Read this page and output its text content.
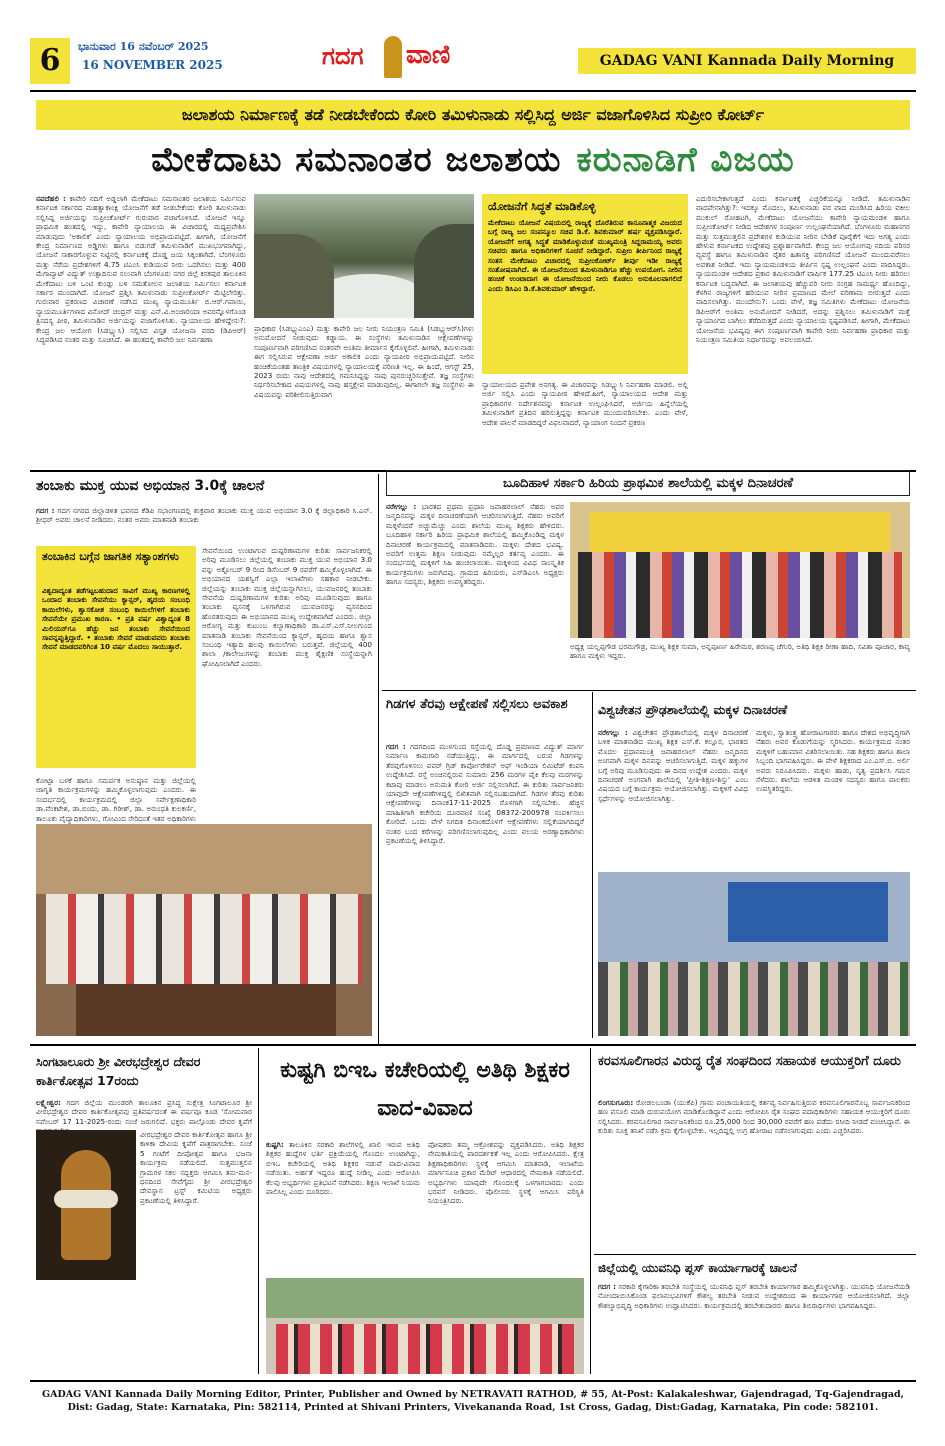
6	ಭಾನುವಾರ 16 ನವೆಂಬರ್ 2025
16 NOVEMBER 2025	ಗದಗ ವಾಣಿ	GADAG VANI Kannada Daily Morning
ಜಲಾಶಯ ನಿರ್ಮಾಣಕ್ಕೆ ತಡೆ ನೀಡಬೇಕೆಂದು ಕೋರಿ ತಮಿಳುನಾಡು ಸಲ್ಲಿಸಿದ್ದ ಅರ್ಜಿ ವಜಾಗೊಳಿಸಿದ ಸುಪ್ರೀಂ ಕೋರ್ಟ್
ಮೇಕೆದಾಟು ಸಮನಾಂತರ ಜಲಾಶಯ ಕರುನಾಡಿಗೆ ವಿಜಯ
ನವದೆಹಲಿ : ಕಾವೇರಿ ನದಿಗೆ ಅಡ್ಡಲಾಗಿ ಮೇಕೆದಾಟು ಸಮನಾಂತರ ಜಲಾಶಯ ನಿರ್ಮಿಸುವ ಕರ್ನಾಟಕ ಸರ್ಕಾರದ ಮಹತ್ವಾಕಾಂಕ್ಷಿ ಯೋಜನೆಗೆ ತಡೆ ನೀಡಬೇಕೆಂದು ಕೋರಿ ತಮಿಳುನಾಡು ಸಲ್ಲಿಸಿದ್ದ ಅರ್ಜಿಯನ್ನು ಸುಪ್ರೀಂಕೋರ್ಟ್ ಗುರುವಾರ ವಜಾಗೊಳಿಸಿದೆ. ಯೋಜನೆ ಇನ್ನೂ ಪ್ರಾಥಮಿಕ ಹಂತದಲ್ಲಿ ಇದ್ದು, ಕಾವೇರಿ ನ್ಯಾಯಾಲಯ ಈ ವಿಚಾರದಲ್ಲಿ ಮಧ್ಯಪ್ರವೇಶಿಸಿ ಮಾಡುವುದು 'ಅಕಾಲಿಕ' ಎಂದು ನ್ಯಾಯಾಲಯ ಅಭಿಪ್ರಾಯಪಟ್ಟಿದೆ. ಹೀಗಾಗಿ, ಯೋಜನೆಗೆ ಕೇಂದ್ರ ನಿರ್ಮಾಣದ ಅಡ್ಡಿಗಳು ಹಾಗೂ ಬಿಡುಗಡೆ ತಮಿಳುನಾಡಿಗೆ ಮುಖಭಂಗವಾಗಿದ್ದು, ಯೋಜನೆ ಸಾಕಾರಗೊಳ್ಳುವ ನಿಟ್ಟಿನಲ್ಲಿ ಕರ್ನಾಟಕಕ್ಕೆ ದೊಡ್ಡ ಜಯ ಸಿಕ್ಕಂತಾಗಿದೆ. ಬೆಂಗಳೂರು ಮತ್ತು ನೆರೆಯ ಪ್ರದೇಶಗಳಿಗೆ 4.75 ಟಿಎಂಸಿ ಕುಡಿಯುವ ನೀರು ಒದಗಿಸಲು ಮತ್ತು 400 ಮೆಗಾವ್ಯಾಟ್ ವಿದ್ಯುತ್ ಉತ್ಪಾದಿಸುವ ಸಲುವಾಗಿ ಬೆಂಗಳೂರು ನಗರ ಜಿಲ್ಲೆ ಕನಕಪುರ ತಾಲೂಕಿನ ಮೇಕೆದಾಟು ಬಳಿ ಒಂಟಿ ಕುಂಡ್ಲು ಬಳಿ ಸಮತೋಲನ ಜಲಾಶಯ ನಿರ್ಮಿಸಲು ಕರ್ನಾಟಕ ಸರ್ಕಾರ ಮುಂದಾಗಿದೆ. ಯೋಜನೆ ಪ್ರಶ್ನಿಸಿ ತಮಿಳುನಾಡು ಸುಪ್ರೀಂಕೋರ್ಟ್ ಮೆಟ್ಟಿಲೇರಿತ್ತು. ಗುರುವಾರ ಪ್ರಕರಣದ ವಿಚಾರಣೆ ನಡೆಸಿದ ಮುಖ್ಯ ನ್ಯಾಯಮೂರ್ತಿ ಬಿ.ಆರ್.ಗವಾಯಿ, ನ್ಯಾಯಮೂರ್ತಿಗಳಾದ ವಿನೋದ್ ಚಂದ್ರನ್ ಮತ್ತು ಎನ್.ವಿ.ಅಂಜಾರಿಯಾ ಅವರನ್ನೊಳಗೊಂಡ ತ್ರಿಸದಸ್ಯ ಪೀಠ, ತಮಿಳುನಾಡಿನ ಅರ್ಜಿಯನ್ನು ವಜಾಗೊಳಿಸಿತು. ನ್ಯಾಯಾಲಯ ಹೇಳಿದ್ದೇನು?: ಕೇಂದ್ರ ಜಲ ಆಯೋಗ (ಸಿಡಬ್ಲ್ಯುಸಿ) ಸಲ್ಲಿಸಿದ ವಿಸ್ತೃತ ಯೋಜನಾ ವರದಿ (ಡಿಪಿಆರ್) ಸಿದ್ಧಪಡಿಸಿದ ನಂತರ ಮತ್ತು ಸೂಚಿಸಿದೆ. ಈ ಹಂತದಲ್ಲಿ ಕಾವೇರಿ ಜಲ ನಿರ್ವಹಣಾ
ಪ್ರಾಧಿಕಾರ (ಸಿಡಬ್ಲ್ಯುಎಂಎ) ಮತ್ತು ಕಾವೇರಿ ಜಲ ನೀರು ನಿಯಂತ್ರಣ ಸಮಿತಿ (ಸಿಡಬ್ಲ್ಯುಆರ್‌ಸಿ)ಗಳು ಅನುಮೋದನೆ ನೀಡುವುದು ಕಡ್ಡಾಯ. ಈ ಸಂಸ್ಥೆಗಳು ತಮಿಳುನಾಡಿನ ಆಕ್ಷೇಪಣೆಗಳನ್ನು ಸಂಪೂರ್ಣವಾಗಿ ಪರಿಗಣಿಸಿದ ನಂತರವೇ ಅಂತಿಮ ತೀರ್ಮಾನ ಕೈಗೊಳ್ಳಲಿವೆ. ಹೀಗಾಗಿ, ತಮಿಳುನಾಡು ಈಗ ಸಲ್ಲಿಸಿರುವ ಆಕ್ಷೇಪಣಾ ಅರ್ಜಿ ಅಕಾಲಿಕ ಎಂದು ನ್ಯಾಯಪೀಠ ಅಭಿಪ್ರಾಯಪಟ್ಟಿದೆ. ನೀರಿನ ಹಂಚಿಕೆಯಂತಹ ತಾಂತ್ರಿಕ ವಿಷಯಗಳಲ್ಲಿ ನ್ಯಾಯಾಲಯಕ್ಕೆ ಪರಿಣತಿ ಇಲ್ಲ. ಈ ಹಿಂದೆ, ಆಗಸ್ಟ್ 25, 2023 ರಂದು ನಾವು ಆದೇಶದಲ್ಲಿ ಗಮನಿಸಿದ್ದನ್ನು ನಾವು ಪುನರುಚ್ಚರಿಸುತ್ತೇವೆ. ತಜ್ಞ ಸಂಸ್ಥೆಗಳು ನಿರ್ಧರಿಸಬೇಕಾದ ವಿಷಯಗಳಲ್ಲಿ ನಾವು ಹಸ್ತಕ್ಷೇಪ ಮಾಡುವುದಿಲ್ಲ. ಈಗಾಗಲೇ ತಜ್ಞ ಸಂಸ್ಥೆಗಳು ಈ ವಿಷಯವನ್ನು ಪರಿಶೀಲಿಸುತ್ತಿರುವಾಗ
ಯೋಜನೆಗೆ ಸಿದ್ಧತೆ ಮಾಡಿಕೊಳ್ಳಿ
ಮೇಕೆದಾಟು ಯೋಜನೆ ವಿಷಯದಲ್ಲಿ ರಾಜ್ಯಕ್ಕೆ ದೊರೆತಿರುವ ಕಾನೂನಾತ್ಮಕ ವಿಜಯದ ಬಗ್ಗೆ ರಾಜ್ಯ ಜಲ ಸಂಪನ್ಮೂಲ ಸಚಿವ ಡಿ.ಕೆ. ಶಿವಕುಮಾರ್ ಹರ್ಷ ವ್ಯಕ್ತಪಡಿಸಿದ್ದಾರೆ. ಯೋಜನೆಗೆ ಅಗತ್ಯ ಸಿದ್ಧತೆ ಮಾಡಿಕೊಳ್ಳುವಂತೆ ಮುಖ್ಯಮಂತ್ರಿ ಸಿದ್ದರಾಮಯ್ಯ ಅವರು ಸಚಿವರು ಹಾಗೂ ಅಧಿಕಾರಿಗಳಿಗೆ ಸೂಚನೆ ನೀಡಿದ್ದಾರೆ. ಸುಪ್ರೀಂ ತೀರ್ಪಿನಿಂದ ರಾಜ್ಯಕ್ಕೆ ಸಂತಸ ಮೇಕೆದಾಟು ವಿಚಾರದಲ್ಲಿ ಸುಪ್ರೀಂಕೋರ್ಟ್ ತೀರ್ಪು ಇಡೀ ರಾಜ್ಯಕ್ಕೆ ಸಂತೋಷವಾಗಿದೆ. ಈ ಯೋಜನೆಯಿಂದ ತಮಿಳುನಾಡಿಗೂ ಹೆಚ್ಚು ಉಪಯೋಗ. ನೀರಿನ ಹಂಚಿಕೆ ಉಂಟಾದಾಗ ಈ ಯೋಜನೆಯಿಂದ ನೀರು ಕೊಡಲು ಅನುಕೂಲವಾಗಲಿದೆ ಎಂದು ಡಿಸಿಎಂ ಡಿ.ಕೆ.ಶಿವಕುಮಾರ್ ಹೇಳಿದ್ದಾರೆ.
ನ್ಯಾಯಾಲಯದ ಪ್ರವೇಶ ಅನಗತ್ಯ. ಈ ವಿಚಾರವನ್ನು ಸಿಡಬ್ಲ್ಯುಸಿ ನಿರ್ವಹಣಾ ಮಾಡಲಿ. ಅಲ್ಲಿ ಅರ್ಜಿ ಸಲ್ಲಿಸಿ ಎಂದು ನ್ಯಾಯಪೀಠ ಹೇಳಿದೆ.ಹೀಗೆ, ನ್ಯಾಯಾಲಯದ ಆದೇಶ ಮತ್ತು ಪ್ರಾಧಿಕಾರಗಳ ನಿರ್ದೇಶನವನ್ನು ಕರ್ನಾಟಕ ಉಲ್ಲಂಘಿಸಿದರೆ, ಅರ್ಜಿಯ ಹಿನ್ನೆಲೆಯಲ್ಲಿ ತಮಿಳುನಾಡಿಗೆ ಪ್ರತಿದಿನ ಹರಿಸುತ್ತಿದ್ದನ್ನು ಕರ್ನಾಟಕ ಮುಂದುವರಿಸಬೇಕು. ಎಂದು ವೇಳೆ, ಆದೇಶ ಪಾಲನೆ ಮಾಡದಿದ್ದರೆ ವಿಫಲವಾದರೆ, ನ್ಯಾಯಾಂಗ ನಿಂದನೆ ಪ್ರಕರಣ
ಎದುರಿಸಬೇಕಾಗುತ್ತದೆ ಎಂದು ಕರ್ನಾಟಕಕ್ಕೆ ಎಚ್ಚರಿಕೆಯನ್ನೂ ನೀಡಿದೆ. ತಮಿಳುನಾಡಿನ ವಾದವೇನಾಗಿತ್ತು?: ಇದಕ್ಕೂ ಮೊದಲು, ತಮಿಳುನಾಡು ಪರ ವಾದ ಮಂಡಿಸಿದ ಹಿರಿಯ ವಕೀಲ ಮುಕುಲ್ ರೋಹಟಗಿ, ಮೇಕೆದಾಟು ಯೋಜನೆಯು ಕಾವೇರಿ ನ್ಯಾಯಮಂಡಳಿ ಹಾಗೂ ಸುಪ್ರೀಂಕೋರ್ಟ್ ನೀಡಿದ ಆದೇಶಗಳ ಸಂಪೂರ್ಣ ಉಲ್ಲಂಘನೆಯಾಗಿದೆ. ಬೆಂಗಳೂರು ಮಹಾನಗರ ಮತ್ತು ಸುತ್ತಮುತ್ತಲಿನ ಪ್ರದೇಶಗಳ ಕುಡಿಯುವ ನೀರಿನ ಬೇಡಿಕೆ ಪೂರೈಕೆಗೆ ಇದು ಅಗತ್ಯ ಎಂದು ಹೇಳುವ ಕರ್ನಾಟಕದ ಉದ್ದೇಶವು ಪ್ರಶ್ನಾರ್ಹವಾಗಿದೆ. ಕೇಂದ್ರ ಜಲ ಆಯೋಗವು ನದಿಯ ಪರಿಸರ ವ್ಯವಸ್ಥೆ ಹಾಗೂ ತಮಿಳುನಾಡಿನ ರೈತರ ಹಿತಾಸಕ್ತಿ ಪರಿಗಣಿಸದೆ ಯೋಜನೆ ಮುಂದುವರೆಸಲು ಅವಕಾಶ ನೀಡಿದೆ. ಇದು ನ್ಯಾಯಮಂಡಳಿಯ ತೀರ್ಪಿನ ಸ್ಪಷ್ಟ ಉಲ್ಲಂಘನೆ ಎಂದು ವಾದಿಸಿದ್ದರು. ನ್ಯಾಯಮಂಡಳಿ ಆದೇಶದ ಪ್ರಕಾರ ತಮಿಳುನಾಡಿಗೆ ವಾರ್ಷಿಕ 177.25 ಟಿಎಂಸಿ ನೀರು ಹರಿಸಲು ಕರ್ನಾಟಕ ಬದ್ಧವಾಗಿದೆ. ಈ ಜಲಾಶಯವು ಹೆಚ್ಚುವರಿ ನೀರು ಸಂಗ್ರಹ ಸಾಮರ್ಥ್ಯ ಹೊಂದಿದ್ದು, ಕೆಳಗಿನ ರಾಜ್ಯಗಳಿಗೆ ಹರಿಯುವ ನೀರಿನ ಪ್ರಮಾಣದ ಮೇಲೆ ಪರಿಣಾಮ ಬೀರುತ್ತದೆ ಎಂದು ವಾದಿಸಲಾಗಿತ್ತು. ಮುಂದೇನು?: ಒಂದು ವೇಳೆ, ತಜ್ಞ ಸಮಿತಿಗಳು ಮೇಕೆದಾಟು ಯೋಜನೆಯ ಡಿಪಿಆರ್‌ಗೆ ಅಂತಿಮ ಅನುಮೋದನೆ ನೀಡಿದರೆ, ಅದನ್ನು ಪ್ರಶ್ನಿಸಲು ತಮಿಳುನಾಡಿಗೆ ಮತ್ತೆ ನ್ಯಾಯಾಂಗದ ಬಾಗಿಲು ತೆರೆದಿರುತ್ತದೆ ಎಂದು ನ್ಯಾಯಾಲಯ ಸ್ಪಷ್ಟಪಡಿಸಿದೆ. ಹೀಗಾಗಿ, ಮೇಕೆದಾಟು ಯೋಜನೆಯ ಭವಿಷ್ಯವು ಈಗ ಸಂಪೂರ್ಣವಾಗಿ ಕಾವೇರಿ ನೀರು ನಿರ್ವಹಣಾ ಪ್ರಾಧಿಕಾರ ಮತ್ತು ನಿಯಂತ್ರಣ ಸಮಿತಿಯ ನಿರ್ಧಾರವನ್ನು ಅವಲಂಬಿಸಿದೆ.
ತಂಬಾಕು ಮುಕ್ತ ಯುವ ಅಭಿಯಾನ 3.0ಕ್ಕೆ ಚಾಲನೆ
ಗದಗ : ಗದಗ ನಗರದ ಜಿಲ್ಲಾಡಳಿತ ಭವನದ ಕೆಡಿಪಿ ಸಭಾಂಗಣದಲ್ಲಿ ಶುಕ್ರವಾರ ತಂಬಾಕು ಮುಕ್ತ ಯುವ ಅಭಿಯಾನ 3.0 ಕ್ಕೆ ಜಿಲ್ಲಾಧಿಕಾರಿ ಸಿ.ಎನ್. ಶ್ರೀಧರ್ ಅವರು ಚಾಲನೆ ನೀಡಿದರು. ನಂತರ ಅವರು ಮಾತನಾಡಿ ತಂಬಾಕು
ತಂಬಾಕಿನ ಬಗ್ಗೆನ ಜಾಗತಿಕ ಸತ್ಯಾಂಶಗಳು
ವಿಶ್ವದಾದ್ಯಂತ ತಡೆಗಟ್ಟಬಹುದಾದ ಸಾವಿಗೆ ಮುಖ್ಯ ಕಾರಣಗಳಲ್ಲಿ ಒಂದಾದ ತಂಬಾಕು ಸೇವನೆಯು ಕ್ಯಾನ್ಸರ್, ಹೃದಯ ಸಂಬಂಧಿ ಕಾಯಿಲೆಗಳು, ಶ್ವಾಸಕೋಶ ಸಂಬಂಧಿ ಕಾಯಿಲೆಗಳಿಗೆ ತಂಬಾಕು ಸೇವನೆಯೇ ಪ್ರಮುಖ ಕಾರಣ. • ಪ್ರತಿ ವರ್ಷ ವಿಶ್ವಾದ್ಯಂತ 8 ಮಿಲಿಯನ್‌ಗೂ ಹೆಚ್ಚು ಜನ ತಂಬಾಕು ಸೇವನೆಯಿಂದ ಸಾವನ್ನಪ್ಪುತ್ತಿದ್ದಾರೆ. • ತಂಬಾಕು ಸೇವನೆ ಮಾಡುವವರು ತಂಬಾಕು ಸೇವನೆ ಮಾಡದವರಿಗಿಂತ 10 ವರ್ಷ ಮೊದಲು ಸಾಯುತ್ತಾರೆ.
ಸೇವನೆಯಿಂದ ಉಂಟಾಗುವ ದುಷ್ಪರಿಣಾಮಗಳ ಕುರಿತು ಸಾರ್ವಜನಿಕರಲ್ಲಿ ಅರಿವು ಮೂಡಿಸಲು ಜಿಲ್ಲೆಯಲ್ಲಿ ತಂಬಾಕು ಮುಕ್ತ ಯುವ ಅಭಿಯಾನ 3.0 ವನ್ನು ಅಕ್ಟೋಬರ್ 9 ರಿಂದ ಡಿಸೆಂಬರ್ 9 ರವರೆಗೆ ಹಮ್ಮಿಕೊಳ್ಳಲಾಗಿದೆ. ಈ ಅಭಿಯಾನದ ಯಶಸ್ವಿಗೆ ಎಲ್ಲಾ ಇಲಾಖೆಗಳು ಸಹಕಾರ ನೀಡಬೇಕು. ಜಿಲ್ಲೆಯನ್ನು ತಂಬಾಕು ಮುಕ್ತ ಜಿಲ್ಲೆಯನ್ನಾಗಿಸಲು, ಯುವಜನರಲ್ಲಿ ತಂಬಾಕು ಸೇವನೆಯ ದುಷ್ಪರಿಣಾಮಗಳ ಕುರಿತು ಅರಿವು ಮೂಡಿಸುವುದು ಹಾಗೂ ತಂಬಾಕು ವ್ಯಸನಕ್ಕೆ ಒಳಗಾಗಿರುವ ಯುವಜನರನ್ನು ವ್ಯಸನದಿಂದ ಹೊರತರುವುದು ಈ ಅಭಿಯಾನದ ಮುಖ್ಯ ಉದ್ದೇಶವಾಗಿದೆ ಎಂದರು. ಜಿಲ್ಲಾ ಆರೋಗ್ಯ ಮತ್ತು ಕುಟುಂಬ ಕಲ್ಯಾಣಾಧಿಕಾರಿ ಡಾ.ಎಸ್.ಎಸ್.ನೀಲಗುಂದ ಮಾತನಾಡಿ ತಂಬಾಕು ಸೇವನೆಯಿಂದ ಕ್ಯಾನ್ಸರ್, ಹೃದಯ ಹಾಗೂ ಶ್ವಾಸ ಸಂಬಂಧಿ ಇತ್ಯಾದಿ ಹಲವು ಕಾಯಿಲೆಗಳು ಬರುತ್ತವೆ. ಜಿಲ್ಲೆಯಲ್ಲಿ 400 ಶಾಲಾ /ಕಾಲೇಜುಗಳನ್ನು ತಂಬಾಕು ಮುಕ್ತ ಶೈಕ್ಷಣಿಕ ಸಂಸ್ಥೆಯನ್ನಾಗಿ ಘೋಷಿಸಲಾಗಿದೆ ಎಂದರು.
ಕೋಟ್ಪಾ ಬಳಕೆ ಹಾಗೂ ಸಮರ್ಪಕ ಅನುಷ್ಠಾನ ಮತ್ತು ಜಿಲ್ಲೆಯಲ್ಲಿ ಜಾಗೃತಿ ಕಾರ್ಯಕ್ರಮಗಳನ್ನು ಹಮ್ಮಿಕೊಳ್ಳಲಾಗುವುದು ಎಂದರು. ಈ ಸಂದರ್ಭದಲ್ಲಿ ಕಾರ್ಯಕ್ರಮದಲ್ಲಿ ಜಿಲ್ಲಾ ಸರ್ವೇಕ್ಷಣಾಧಿಕಾರಿ ಡಾ.ವೆಂಕಟೇಶ, ಡಾ.ಬಿಂದು, ಡಾ. ಗಿರೀಶ್, ಡಾ. ಅರುಂಧತಿ ಕುಲಕರ್ಣಿ, ತಾಲೂಕು ವೈದ್ಯಾಧಿಕಾರಿಗಳು, ಗೋವಿಂದ ಸೇರಿದಂತೆ ಇತರ ಅಧಿಕಾರಿಗಳು
ಬೂದಿಹಾಳ ಸರ್ಕಾರಿ ಹಿರಿಯ ಪ್ರಾಥಮಿಕ ಶಾಲೆಯಲ್ಲಿ ಮಕ್ಕಳ ದಿನಾಚರಣೆ
ನರೇಗಲ್ಲು : ಭಾರತದ ಪ್ರಥಮ ಪ್ರಧಾನಿ ಜವಾಹರಲಾಲ್ ನೆಹರು ಅವರ ಜನ್ಮದಿನವನ್ನು ಮಕ್ಕಳ ದಿನಾಚರಣೆಯಾಗಿ ಆಚರಿಸಲಾಗುತ್ತಿದೆ. ನೆಹರು ಅವರಿಗೆ ಮಕ್ಕಳೆಂದರೆ ಅಚ್ಚುಮೆಚ್ಚು ಎಂದು ಶಾಲೆಯ ಮುಖ್ಯ ಶಿಕ್ಷಕರು ಹೇಳಿದರು. ಬೂದಿಹಾಳ ಸರ್ಕಾರಿ ಹಿರಿಯ ಪ್ರಾಥಮಿಕ ಶಾಲೆಯಲ್ಲಿ ಹಮ್ಮಿಕೊಂಡಿದ್ದ ಮಕ್ಕಳ ದಿನಾಚರಣೆ ಕಾರ್ಯಕ್ರಮದಲ್ಲಿ ಮಾತನಾಡಿದರು. ಮಕ್ಕಳು ದೇಶದ ಭವಿಷ್ಯ. ಅವರಿಗೆ ಉತ್ತಮ ಶಿಕ್ಷಣ ನೀಡುವುದು ನಮ್ಮೆಲ್ಲರ ಕರ್ತವ್ಯ ಎಂದರು. ಈ ಸಂದರ್ಭದಲ್ಲಿ ಮಕ್ಕಳಿಗೆ ಸಿಹಿ ಹಂಚಲಾಯಿತು. ಮಕ್ಕಳಿಂದ ವಿವಿಧ ಸಾಂಸ್ಕೃತಿಕ ಕಾರ್ಯಕ್ರಮಗಳು ಜರುಗಿದವು. ಗ್ರಾಮದ ಹಿರಿಯರು, ಎಸ್‌ಡಿಎಂಸಿ ಅಧ್ಯಕ್ಷರು ಹಾಗೂ ಸದಸ್ಯರು, ಶಿಕ್ಷಕರು ಉಪಸ್ಥಿತರಿದ್ದರು.
ಅಧ್ಯಕ್ಷ ಯಲ್ಲಪ್ಪಗೌಡ ಭರಮಗೌಡ್ರ, ಮುಖ್ಯ ಶಿಕ್ಷಕ ಸುಮಾ, ಅನ್ನಪೂರ್ಣ ಹಿರೇಮಠ, ಶರಣಪ್ಪ ಚೆಗುರಿ, ಅತಿಥಿ ಶಿಕ್ಷಕಿ ರೀಣಾ ಹಾದಿ, ಸವಿತಾ ಪೂಜಾರ, ಕಾವ್ಯ ಹಾಗೂ ಮಕ್ಕಳು ಇದ್ದರು.
ಗಿಡಗಳ ತೆರವು ಆಕ್ಷೇಪಣೆ ಸಲ್ಲಿಸಲು ಅವಕಾಶ
ಗದಗ : ಗದಗದಿಂದ ಮುಳಗುಂದ ರಸ್ತೆಯಲ್ಲಿ ದೊಡ್ಡ ಪ್ರಮಾಣದ ವಿದ್ಯುತ್ ಮಾರ್ಗ ನಿರ್ಮಾಣ ಕಾಮಗಾರಿ ನಡೆಯುತ್ತಿದ್ದು, ಈ ಮಾರ್ಗದಲ್ಲಿ ಬರುವ ಗಿಡಗಳನ್ನು ತೆರವುಗೊಳಿಸಲು ಪವರ್ ಗ್ರಿಡ್ ಕಾರ್ಪೋರೇಶನ್ ಆಫ್ ಇಂಡಿಯಾ ಲಿಮಿಟೆಡ್ ಕಂಪನಿ ಉದ್ದೇಶಿಸಿದೆ. ರಸ್ತೆ ಅಂಚಿನಲ್ಲಿರುವ ಸುಮಾರು 256 ಮರಗಳ ಪೈಕಿ ಕೆಲವು ಮರಗಳನ್ನು ಕಟಾವು ಮಾಡಲು ಅನುಮತಿ ಕೋರಿ ಅರ್ಜಿ ಸಲ್ಲಿಸಲಾಗಿದೆ. ಈ ಕುರಿತು ಸಾರ್ವಜನಿಕರು ಯಾವುದೇ ಆಕ್ಷೇಪಣೆಗಳಿದ್ದಲ್ಲಿ ಲಿಖಿತವಾಗಿ ಸಲ್ಲಿಸಬಹುದಾಗಿದೆ. ಗಿಡಗಳ ತೆರವು ಕುರಿತು ಆಕ್ಷೇಪಣೆಗಳನ್ನು ದಿನಾಂಕ17-11-2025 ರೊಳಗಾಗಿ ಸಲ್ಲಿಸಬೇಕು. ಹೆಚ್ಚಿನ ಮಾಹಿತಿಗಾಗಿ ಕಚೇರಿಯ ದೂರವಾಣಿ ಸಂಖ್ಯೆ 08372-200978 ಸಂಪರ್ಕಿಸಲು ಕೋರಿದೆ. ಒಂದು ವೇಳೆ ನಿಗದಿತ ದಿನಾಂಕದೊಳಗೆ ಆಕ್ಷೇಪಣೆಗಳು ಸಲ್ಲಿಕೆಯಾಗದಿದ್ದರೆ ನಂತರ ಬಂದ ಕರೆಗಳನ್ನು ಪರಿಗಣಿಸಲಾಗುವುದಿಲ್ಲ ಎಂದು ವಲಯ ಅರಣ್ಯಾಧಿಕಾರಿಗಳು ಪ್ರಕಟಣೆಯಲ್ಲಿ ತಿಳಿಸಿದ್ದಾರೆ.
ವಿಶ್ವಚೇತನ ಪ್ರೌಢಶಾಲೆಯಲ್ಲಿ ಮಕ್ಕಳ ದಿನಾಚರಣೆ
ನರೇಗಲ್ಲು : ವಿಶ್ವಚೇತನ ಪ್ರೌಢಶಾಲೆಯಲ್ಲಿ ಮಕ್ಕಳ ದಿನಾಚರಣೆ ಬಳಿಕ ಮಾತನಾಡಿದ ಮುಖ್ಯ ಶಿಕ್ಷಕ ಎಸ್.ಕೆ. ಕಲ್ಲೂರ, ಭಾರತದ ಮೊದಲ ಪ್ರಧಾನಮಂತ್ರಿ ಜವಾಹರಲಾಲ್ ನೆಹರು ಜನ್ಮದಿನದ ಅಂಗವಾಗಿ ಮಕ್ಕಳ ದಿನವನ್ನು ಆಚರಿಸಲಾಗುತ್ತಿದೆ. ಮಕ್ಕಳ ಹಕ್ಕುಗಳ ಬಗ್ಗೆ ಅರಿವು ಮೂಡಿಸುವುದು ಈ ದಿನದ ಉದ್ದೇಶ ಎಂದರು. ಮಕ್ಕಳ ದಿನಾಚರಣೆ ಅಂಗವಾಗಿ ಶಾಲೆಯಲ್ಲಿ 'ಪ್ರೀತಿ-ಶಿಕ್ಷಣ-ಶಿಸ್ತು' ಎಂಬ ವಿಷಯದ ಬಗ್ಗೆ ಕಾರ್ಯಕ್ರಮ ಆಯೋಜಿಸಲಾಗಿತ್ತು. ಮಕ್ಕಳಿಗೆ ವಿವಿಧ ಸ್ಪರ್ಧೆಗಳನ್ನು ಆಯೋಜಿಸಲಾಗಿತ್ತು.
ಮಕ್ಕಳು, ಸ್ವಾತಂತ್ರ್ಯ ಹೋರಾಟಗಾರರು ಹಾಗೂ ದೇಶದ ಅಭಿವೃದ್ಧಿಗಾಗಿ ನೆಹರು ಅವರ ಕೊಡುಗೆಯನ್ನು ಸ್ಮರಿಸಿದರು. ಕಾರ್ಯಕ್ರಮದ ನಂತರ ಮಕ್ಕಳಿಗೆ ಬಹುಮಾನ ವಿತರಿಸಲಾಯಿತು. ಸಹ ಶಿಕ್ಷಕರು ಹಾಗೂ ಶಾಲಾ ಸಿಬ್ಬಂದಿ ಭಾಗವಹಿಸಿದ್ದರು. ಈ ವೇಳೆ ಶಿಕ್ಷಕರಾದ ಎಂ.ಎಸ್.ಬಿ. ಅರ್ಲಿ ಅವರು ನಿರೂಪಿಸಿದರು. ಮಕ್ಕಳು ಹಾಡು, ನೃತ್ಯ ಪ್ರದರ್ಶಿಸಿ ಗಮನ ಸೆಳೆದರು. ಶಾಲೆಯ ಆಡಳಿತ ಮಂಡಳಿ ಸದಸ್ಯರು ಹಾಗೂ ಪಾಲಕರು ಉಪಸ್ಥಿತರಿದ್ದರು.
ಸಿಂಗಟಾಲೂರು ಶ್ರೀ ವೀರಭದ್ರೇಶ್ವರ ದೇವರ ಕಾರ್ತಿಕೋತ್ಸವ 17ರಂದು
ಲಕ್ಷ್ಮೇಶ್ವರ: ಗದಗ ಜಿಲ್ಲೆಯ ಮುಂಡರಗಿ ತಾಲೂಕಿನ ಪ್ರಸಿದ್ಧ ಸುಕ್ಷೇತ್ರ ಸಿಂಗಟಾಲೂರ ಶ್ರೀ ವೀರಭದ್ರೇಶ್ವರ ದೇವರ ಕಾರ್ತಿಕೋತ್ಸವವು ಪ್ರತಿವರ್ಷದಂತೆ ಈ ವರ್ಷವೂ ಕೂಡ 'ಸೋಮವಾರ ನವೆಂಬರ್ 17 11-2025-ರಂದು ಸಂಜೆ ಜರುಗಲಿದೆ. ಭಕ್ತರು ಪಾಲ್ಗೊಂಡು ದೇವರ ಕೃಪೆಗೆ
ವೀರಭದ್ರೇಶ್ವರ ದೇವರ ಕಾರ್ತಿಕೋತ್ಸವ ಹಾಗೂ ಶ್ರೀ ಕಾಳಿಕಾ ದೇವಿಯ ಕೃಪೆಗೆ ಪಾತ್ರರಾಗಬೇಕು. ಸಂಜೆ 5 ಗಂಟೆಗೆ ದೀಪೋತ್ಸವ ಹಾಗೂ ಭಜನಾ ಕಾರ್ಯಕ್ರಮ ನಡೆಯಲಿದೆ. ಸುತ್ತಮುತ್ತಲಿನ ಗ್ರಾಮಗಳ ಸಕಲ ಸದ್ಭಕ್ತರು ಆಗಮಿಸಿ ತನು-ಮನ-ಧನದಿಂದ ಸೇವೆಗೈದು ಶ್ರೀ ವೀರಭದ್ರೇಶ್ವರ ದೇವಸ್ಥಾನ ಟ್ರಸ್ಟ್ ಕಮಿಟಿಯ ಅಧ್ಯಕ್ಷರು ಪ್ರಕಟಣೆಯಲ್ಲಿ ತಿಳಿಸಿದ್ದಾರೆ.
ಕುಷ್ಟಗಿ ಬಿಇಒ ಕಚೇರಿಯಲ್ಲಿ ಅತಿಥಿ ಶಿಕ್ಷಕರ ವಾದ-ವಿವಾದ
ಕುಷ್ಟಗಿ: ತಾಲೂಕಿನ ಸರಕಾರಿ ಶಾಲೆಗಳಲ್ಲಿ ಖಾಲಿ ಇರುವ ಅತಿಥಿ ಶಿಕ್ಷಕರ ಹುದ್ದೆಗಳ ಭರ್ತಿ ಪ್ರಕ್ರಿಯೆಯಲ್ಲಿ ಗೊಂದಲ ಉಂಟಾಗಿದ್ದು, ಬಿಇಒ ಕಚೇರಿಯಲ್ಲಿ ಅತಿಥಿ ಶಿಕ್ಷಕರ ನಡುವೆ ವಾದ-ವಿವಾದ ನಡೆಯಿತು. ಅರ್ಹತೆ ಇದ್ದರೂ ಹುದ್ದೆ ನೀಡಿಲ್ಲ ಎಂದು ಆರೋಪಿಸಿ ಕೆಲವು ಅಭ್ಯರ್ಥಿಗಳು ಪ್ರತಿಭಟನೆ ನಡೆಸಿದರು. ಶಿಕ್ಷಣ ಇಲಾಖೆ ನಿಯಮ ಪಾಲಿಸಿಲ್ಲ ಎಂದು ದೂರಿದರು.
ಪೋಷಕರು ತಮ್ಮ ಆಕ್ರೋಶವನ್ನು ವ್ಯಕ್ತಪಡಿಸಿದರು. ಅತಿಥಿ ಶಿಕ್ಷಕರ ನೇಮಕಾತಿಯಲ್ಲಿ ಪಾರದರ್ಶಕತೆ ಇಲ್ಲ ಎಂದು ಆರೋಪಿಸಿದರು. ಕ್ಷೇತ್ರ ಶಿಕ್ಷಣಾಧಿಕಾರಿಗಳು ಸ್ಥಳಕ್ಕೆ ಆಗಮಿಸಿ ಮಾತನಾಡಿ, ಇಲಾಖೆಯ ಮಾರ್ಗಸೂಚಿ ಪ್ರಕಾರ ಮೆರಿಟ್ ಆಧಾರದಲ್ಲಿ ನೇಮಕಾತಿ ನಡೆಯಲಿದೆ. ಅಭ್ಯರ್ಥಿಗಳು ಯಾವುದೇ ಗೊಂದಲಕ್ಕೆ ಒಳಗಾಗಬಾರದು ಎಂದು ಭರವಸೆ ನೀಡಿದರು. ಪೊಲೀಸರು ಸ್ಥಳಕ್ಕೆ ಆಗಮಿಸಿ ಪರಿಸ್ಥಿತಿ ನಿಯಂತ್ರಿಸಿದರು.
ಕರವಸೂಲಿಗಾರನ ವಿರುದ್ಧ ರೈತ ಸಂಘದಿಂದ ಸಹಾಯಕ ಆಯುಕ್ತರಿಗೆ ದೂರು
ಲಿಂಗಸುಗೂರು: ರೋಡಲಬಂಡಾ (ಯುಕೆಪಿ) ಗ್ರಾಮ ಪಂಚಾಯತಿಯಲ್ಲಿ ಕರ್ತವ್ಯ ನಿರ್ವಹಿಸುತ್ತಿರುವ ಕರವಸೂಲಿಗಾರನೊಬ್ಬ ಸಾರ್ವಜನಿಕರಿಂದ ಹಣ ವಸೂಲಿ ಮಾಡಿ ದುರುಪಯೋಗ ಮಾಡಿಕೊಂಡಿದ್ದಾನೆ ಎಂದು ಆರೋಪಿಸಿ ರೈತ ಸಂಘದ ಪದಾಧಿಕಾರಿಗಳು ಸಹಾಯಕ ಆಯುಕ್ತರಿಗೆ ದೂರು ಸಲ್ಲಿಸಿದರು. ಕರವಸೂಲಿಗಾರ ಸಾರ್ವಜನಿಕರಿಂದ ರೂ.25,000 ರಿಂದ 30,000 ರವರೆಗೆ ಹಣ ಪಡೆದು ರಸೀದಿ ನೀಡದೆ ವಂಚಿಸಿದ್ದಾನೆ. ಈ ಕುರಿತು ಸೂಕ್ತ ತನಿಖೆ ನಡೆಸಿ ಕ್ರಮ ಕೈಗೊಳ್ಳಬೇಕು. ಇಲ್ಲದಿದ್ದಲ್ಲಿ ಉಗ್ರ ಹೋರಾಟ ನಡೆಸಲಾಗುವುದು ಎಂದು ಎಚ್ಚರಿಸಿದರು.
ಜಿಲ್ಲೆಯಲ್ಲಿ ಯುವನಿಧಿ ಪ್ಲಸ್ ಕಾರ್ಯಾಗಾರಕ್ಕೆ ಚಾಲನೆ
ಗದಗ : ಸರಕಾರಿ ಕೈಗಾರಿಕಾ ತರಬೇತಿ ಸಂಸ್ಥೆಯಲ್ಲಿ ಯುವನಿಧಿ ಪ್ಲಸ್ ತರಬೇತಿ ಕಾರ್ಯಾಗಾರ ಹಮ್ಮಿಕೊಳ್ಳಲಾಗಿತ್ತು. ಯುವನಿಧಿ ಯೋಜನೆಯಡಿ ನೋಂದಾಯಿಸಿಕೊಂಡ ಫಲಾನುಭವಿಗಳಿಗೆ ಕೌಶಲ್ಯ ತರಬೇತಿ ನೀಡುವ ಉದ್ದೇಶದಿಂದ ಈ ಕಾರ್ಯಾಗಾರ ಆಯೋಜಿಸಲಾಗಿದೆ. ಜಿಲ್ಲಾ ಕೌಶಲ್ಯಾಭಿವೃದ್ಧಿ ಅಧಿಕಾರಿಗಳು ಉದ್ಘಾಟಿಸಿದರು. ಕಾರ್ಯಕ್ರಮದಲ್ಲಿ ತರಬೇತುದಾರರು ಹಾಗೂ ಶಿಬಿರಾರ್ಥಿಗಳು ಭಾಗವಹಿಸಿದ್ದರು.
GADAG VANI Kannada Daily Morning Editor, Printer, Publisher and Owned by NETRAVATI RATHOD, # 55, At-Post: Kalakaleshwar, Gajendragad, Tq-Gajendragad, Dist: Gadag, State: Karnataka, Pin: 582114, Printed at Shivani Printers, Vivekananda Road, 1st Cross, Gadag, Dist:Gadag, Karnataka, Pin code: 582101.
